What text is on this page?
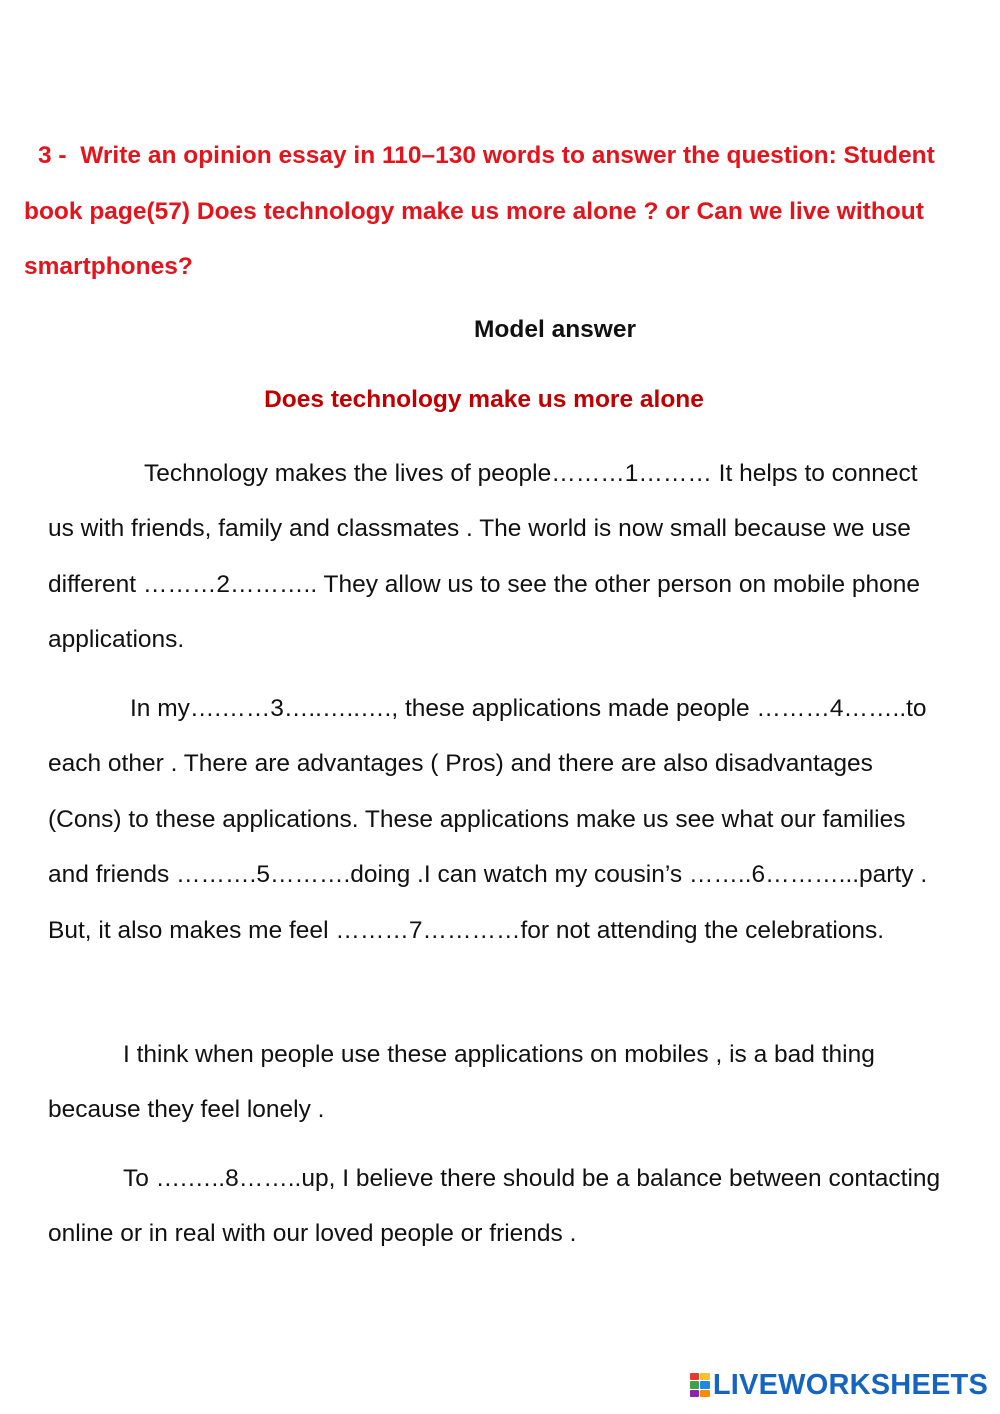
3 - Write an opinion essay in 110–130 words to answer the question: Student book page(57) Does technology make us more alone ? or Can we live without smartphones?

Model answer

Does technology make us more alone

Technology makes the lives of people………1……… It helps to connect us with friends, family and classmates . The world is now small because we use different ………2……….. They allow us to see the other person on mobile phone applications.

In my….……3…..…..…., these applications made people ………4……..to each other . There are advantages ( Pros) and there are also disadvantages (Cons) to these applications. These applications make us see what our families and friends ……….5……….doing .I can watch my cousin’s ……..6………...party . But, it also makes me feel ………7…………for not attending the celebrations.

I think when people use these applications on mobiles , is a bad thing because they feel lonely .

To ….…..8……..up, I believe there should be a balance between contacting online or in real with our loved people or friends .

LIVEWORKSHEETS
